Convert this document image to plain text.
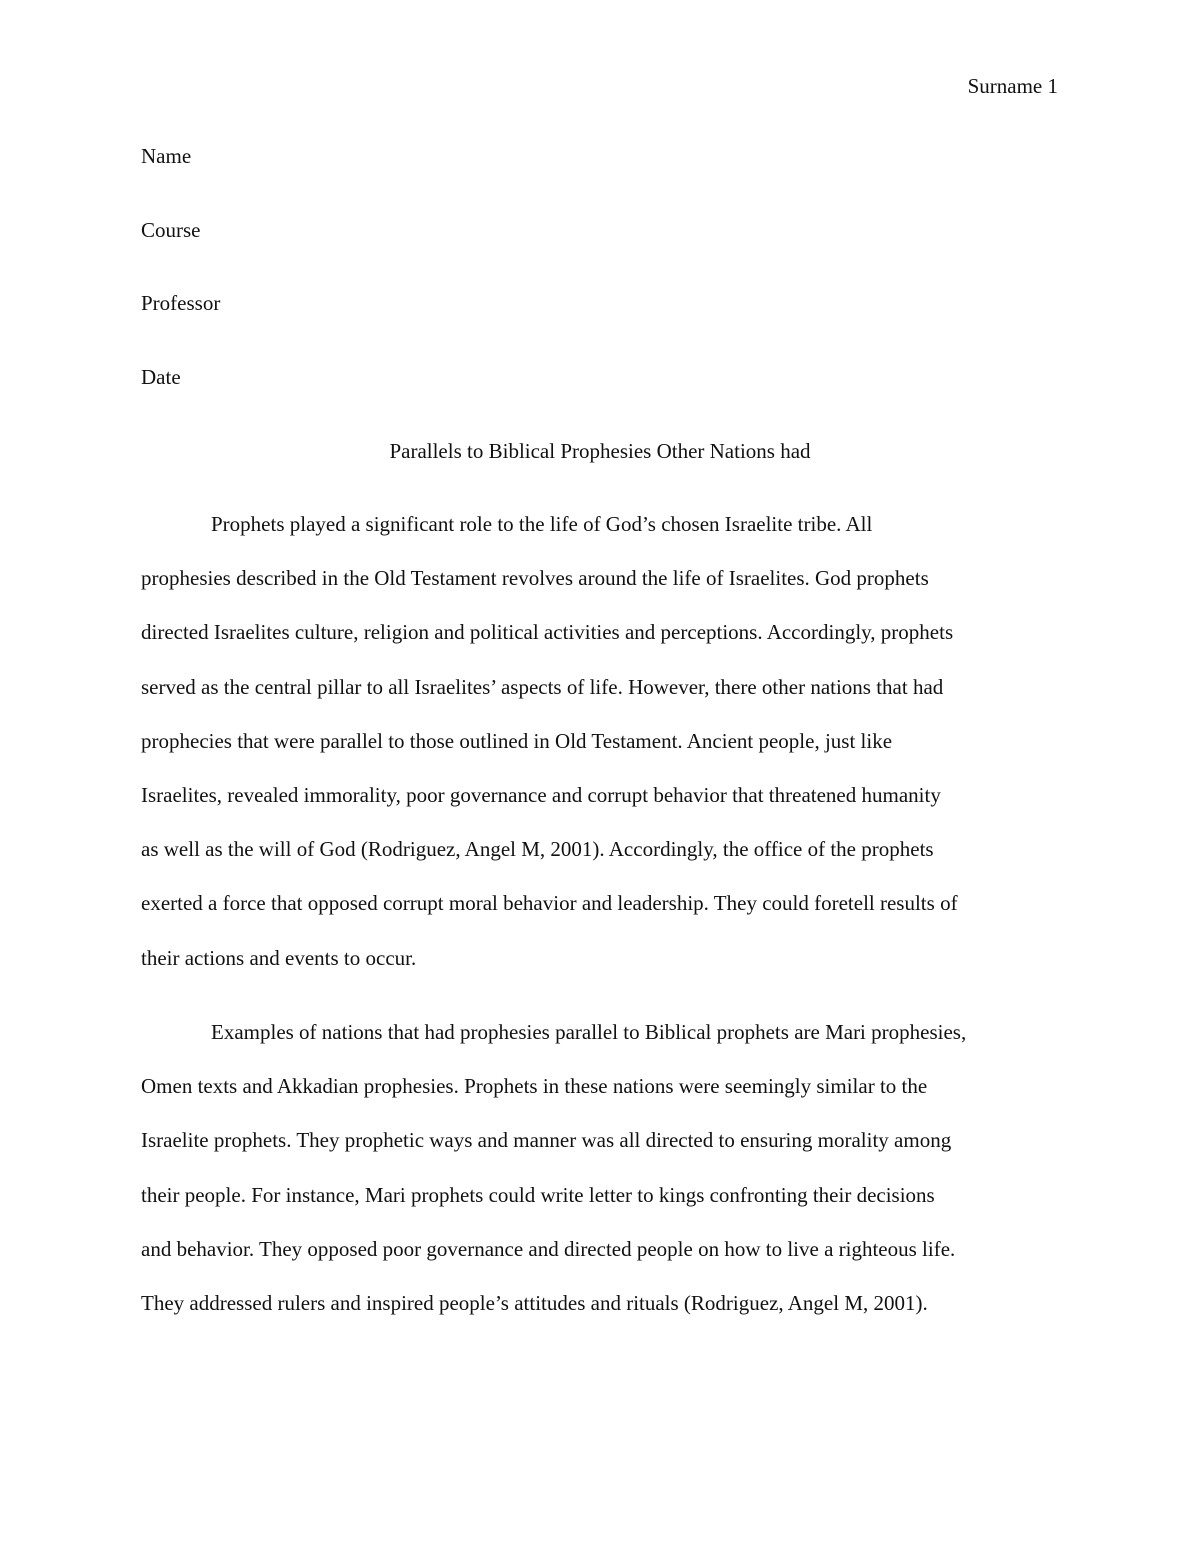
Surname 1
Name
Course
Professor
Date
Parallels to Biblical Prophesies Other Nations had

Prophets played a significant role to the life of God’s chosen Israelite tribe. All
prophesies described in the Old Testament revolves around the life of Israelites. God prophets
directed Israelites culture, religion and political activities and perceptions. Accordingly, prophets
served as the central pillar to all Israelites’ aspects of life. However, there other nations that had
prophecies that were parallel to those outlined in Old Testament. Ancient people, just like
Israelites, revealed immorality, poor governance and corrupt behavior that threatened humanity
as well as the will of God (Rodriguez, Angel M, 2001). Accordingly, the office of the prophets
exerted a force that opposed corrupt moral behavior and leadership. They could foretell results of
their actions and events to occur.

Examples of nations that had prophesies parallel to Biblical prophets are Mari prophesies,
Omen texts and Akkadian prophesies. Prophets in these nations were seemingly similar to the
Israelite prophets. They prophetic ways and manner was all directed to ensuring morality among
their people. For instance, Mari prophets could write letter to kings confronting their decisions
and behavior. They opposed poor governance and directed people on how to live a righteous life.
They addressed rulers and inspired people’s attitudes and rituals (Rodriguez, Angel M, 2001).
